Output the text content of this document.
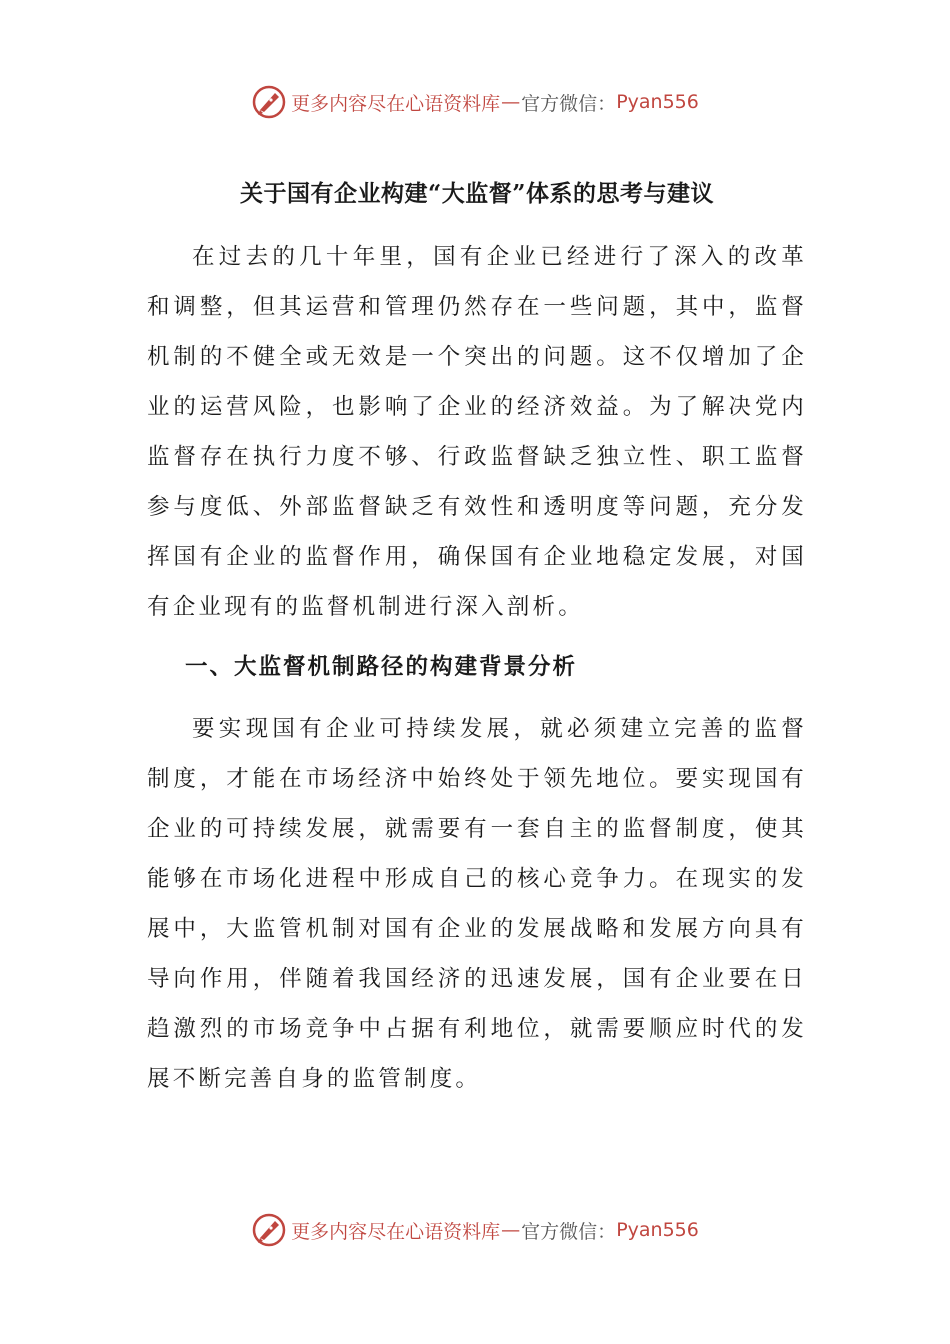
更多内容尽在心语资料库 — 官方微信： Pyan556
关于国有企业构建“大监督”体系的思考与建议

在过去的几十年里，国有企业已经进行了深入的改革和调整，但其运营和管理仍然存在一些问题，其中，监督机制的不健全或无效是一个突出的问题。这不仅增加了企业的运营风险，也影响了企业的经济效益。为了解决党内监督存在执行力度不够、行政监督缺乏独立性、职工监督参与度低、外部监督缺乏有效性和透明度等问题，充分发挥国有企业的监督作用，确保国有企业地稳定发展，对国有企业现有的监督机制进行深入剖析。

一、大监督机制路径的构建背景分析

要实现国有企业可持续发展，就必须建立完善的监督制度，才能在市场经济中始终处于领先地位。要实现国有企业的可持续发展，就需要有一套自主的监督制度，使其能够在市场化进程中形成自己的核心竞争力。在现实的发展中，大监管机制对国有企业的发展战略和发展方向具有导向作用，伴随着我国经济的迅速发展，国有企业要在日趋激烈的市场竞争中占据有利地位，就需要顺应时代的发展不断完善自身的监管制度。

更多内容尽在心语资料库 — 官方微信： Pyan556
